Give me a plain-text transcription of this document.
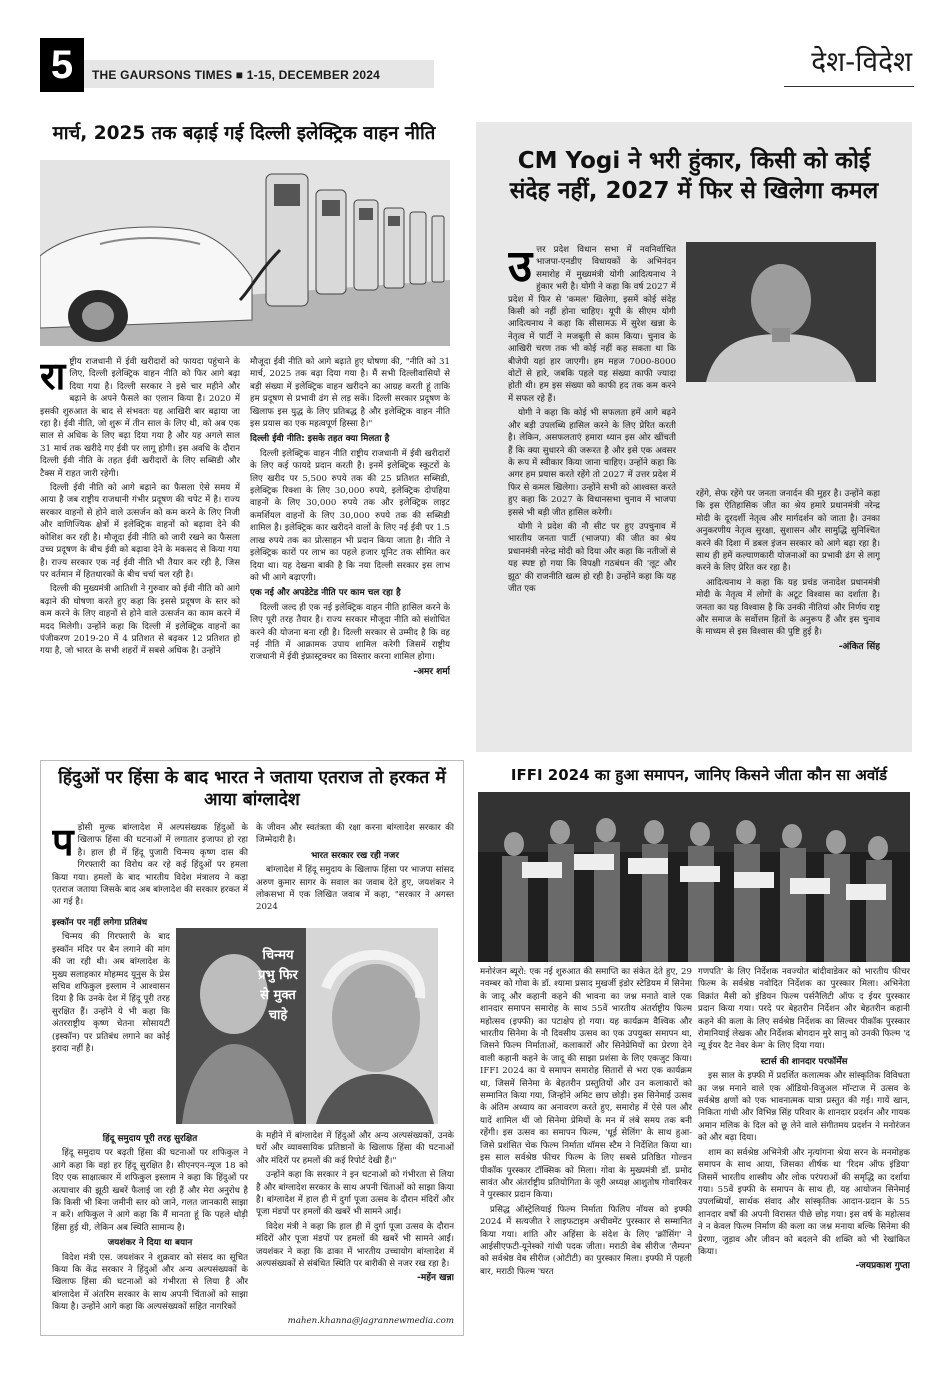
5	THE GAURSONS TIMES ■ 1-15, DECEMBER 2024	देश-विदेश
मार्च, 2025 तक बढ़ाई गई दिल्ली इलेक्ट्रिक वाहन नीति
रा ष्ट्रीय राजधानी में ईवी खरीदारों को फायदा पहुंचाने के लिए, दिल्ली इलेक्ट्रिक वाहन नीति को फिर आगे बढ़ा दिया गया है। दिल्ली सरकार ने इसे चार महीने और बढ़ाने के अपने फैसले का एलान किया है। 2020 में इसकी शुरुआत के बाद से संभवतः यह आखिरी बार बढ़ाया जा रहा है। ईवी नीति, जो शुरू में तीन साल के लिए थी, को अब एक साल से अधिक के लिए बढ़ा दिया गया है और यह अगले साल 31 मार्च तक खरीदे गए ईवी पर लागू होगी। इस अवधि के दौरान दिल्ली ईवी नीति के तहत ईवी खरीदारों के लिए सब्सिडी और टैक्स में राहत जारी रहेगी।

दिल्ली ईवी नीति को आगे बढ़ाने का फैसला ऐसे समय में आया है जब राष्ट्रीय राजधानी गंभीर प्रदूषण की चपेट में है। राज्य सरकार वाहनों से होने वाले उत्सर्जन को कम करने के लिए निजी और वाणिज्यिक क्षेत्रों में इलेक्ट्रिक वाहनों को बढ़ावा देने की कोशिश कर रही है। मौजूदा ईवी नीति को जारी रखने का फैसला उच्च प्रदूषण के बीच ईवी को बढ़ावा देने के मकसद से किया गया है। राज्य सरकार एक नई ईवी नीति भी तैयार कर रही है, जिस पर वर्तमान में हितधारकों के बीच चर्चा चल रही है।

दिल्ली की मुख्यमंत्री आतिशी ने गुरुवार को ईवी नीति को आगे बढ़ाने की घोषणा करते हुए कहा कि इससे प्रदूषण के स्तर को कम करने के लिए वाहनों से होने वाले उत्सर्जन का काम करने में मदद मिलेगी। उन्होंने कहा कि दिल्ली में इलेक्ट्रिक वाहनों का पंजीकरण 2019-20 में 4 प्रतिशत से बढ़कर 12 प्रतिशत हो गया है, जो भारत के सभी शहरों में सबसे अधिक है। उन्होंने

मौजूदा ईवी नीति को आगे बढ़ाते हुए घोषणा की, "नीति को 31 मार्च, 2025 तक बढ़ा दिया गया है। मैं सभी दिल्लीवासियों से बड़ी संख्या में इलेक्ट्रिक वाहन खरीदने का आग्रह करती हूं ताकि हम प्रदूषण से प्रभावी ढंग से लड़ सकें। दिल्ली सरकार प्रदूषण के खिलाफ इस युद्ध के लिए प्रतिबद्ध है और इलेक्ट्रिक वाहन नीति इस प्रयास का एक महत्वपूर्ण हिस्सा है।"

दिल्ली ईवी नीति: इसके तहत क्या मिलता है

दिल्ली इलेक्ट्रिक वाहन नीति राष्ट्रीय राजधानी में ईवी खरीदारों के लिए कई फायदे प्रदान करती है। इनमें इलेक्ट्रिक स्कूटरों के लिए खरीद पर 5,500 रुपये तक की 25 प्रतिशत सब्सिडी, इलेक्ट्रिक रिक्शा के लिए 30,000 रुपये, इलेक्ट्रिक दोपहिया वाहनों के लिए 30,000 रुपये तक और इलेक्ट्रिक लाइट कमर्शियल वाहनों के लिए 30,000 रुपये तक की सब्सिडी शामिल है। इलेक्ट्रिक कार खरीदने वालों के लिए नई ईवी पर 1.5 लाख रुपये तक का प्रोत्साहन भी प्रदान किया जाता है। नीति ने इलेक्ट्रिक कारों पर लाभ का पहले हजार यूनिट तक सीमित कर दिया था। यह देखना बाकी है कि नया दिल्ली सरकार इस लाभ को भी आगे बढ़ाएगी।

एक नई और अपडेटेड नीति पर काम चल रहा है

दिल्ली जल्द ही एक नई इलेक्ट्रिक वाहन नीति हासिल करने के लिए पूरी तरह तैयार है। राज्य सरकार मौजूदा नीति को संशोधित करने की योजना बना रही है। दिल्ली सरकार से उम्मीद है कि वह नई नीति में आक्रामक उपाय शामिल करेगी जिसमें राष्ट्रीय राजधानी में ईवी इंफ्रास्ट्रक्चर का विस्तार करना शामिल होगा।

-अमर शर्मा
CM Yogi ने भरी हुंकार, किसी को कोई संदेह नहीं, 2027 में फिर से खिलेगा कमल
उ त्तर प्रदेश विधान सभा में नवनिर्वाचित भाजपा-एनडीए विधायकों के अभिनंदन समारोह में मुख्यमंत्री योगी आदित्यनाथ ने हुंकार भरी है। योगी ने कहा कि वर्ष 2027 में प्रदेश में फिर से 'कमल' खिलेगा, इसमें कोई संदेह किसी को नहीं होना चाहिए। यूपी के सीएम योगी आदित्यनाथ ने कहा कि सीसामऊ में सुरेश खन्ना के नेतृत्व में पार्टी ने मजबूती से काम किया। चुनाव के आखिरी चरण तक भी कोई नहीं कह सकता था कि बीजेपी यहां हार जाएगी। हम महज 7000-8000 वोटों से हारे, जबकि पहले यह संख्या काफी ज्यादा होती थी। हम इस संख्या को काफी हद तक कम करने में सफल रहे हैं।

योगी ने कहा कि कोई भी सफलता हमें आगे बढ़ने और बड़ी उपलब्धि हासिल करने के लिए प्रेरित करती है। लेकिन, असफलताएं हमारा ध्यान इस ओर खींचती हैं कि क्या सुधारने की जरूरत है और इसे एक अवसर के रूप में स्वीकार किया जाना चाहिए। उन्होंने कहा कि अगर हम प्रयास करते रहेंगे तो 2027 में उत्तर प्रदेश में फिर से कमल खिलेगा। उन्होंने सभी को आश्वस्त करते हुए कहा कि 2027 के विधानसभा चुनाव में भाजपा इससे भी बड़ी जीत हासिल करेगी।

योगी ने प्रदेश की नौ सीट पर हुए उपचुनाव में भारतीय जनता पार्टी (भाजपा) की जीत का श्रेय प्रधानमंत्री नरेन्द्र मोदी को दिया और कहा कि नतीजों से यह स्पष्ट हो गया कि विपक्षी गठबंधन की 'लूट और झूठ' की राजनीति खत्म हो रही है। उन्होंने कहा कि यह जीत एक

रहेंगे, सेफ रहेंगे पर जनता जनार्दन की मुहर है। उन्होंने कहा कि इस ऐतिहासिक जीत का श्रेय हमारे प्रधानमंत्री नरेन्द्र मोदी के दूरदर्शी नेतृत्व और मार्गदर्शन को जाता है। उनका अनुकरणीय नेतृत्व सुरक्षा, सुशासन और सामुद्धि सुनिश्चित करने की दिशा में डबल इंजन सरकार को आगे बढ़ा रहा है। साथ ही हमें कल्याणकारी योजनाओं का प्रभावी ढंग से लागू करने के लिए प्रेरित कर रहा है।

आदित्यनाथ ने कहा कि यह प्रचंड जनादेश प्रधानमंत्री मोदी के नेतृत्व में लोगों के अटूट विश्वास का दर्शाता है। जनता का यह विश्वास है कि उनकी नीतियां और निर्णय राष्ट्र और समाज के सर्वोत्तम हितों के अनुरूप हैं और इस चुनाव के माध्यम से इस विश्वास की पुष्टि हुई है।

-अंकित सिंह
हिंदुओं पर हिंसा के बाद भारत ने जताया एतराज तो हरकत में आया बांग्लादेश
प ड़ोसी मुल्क बांग्लादेश में अल्पसंख्यक हिंदुओं के खिलाफ हिंसा की घटनाओं में लगातार इजाफा हो रहा है। हाल ही में हिंदू पुजारी चिन्मय कृष्ण दास की गिरफ्तारी का विरोध कर रहे कई हिंदुओं पर हमला किया गया। हमलों के बाद भारतीय विदेश मंत्रालय ने कड़ा एतराज जताया जिसके बाद अब बांग्लादेश की सरकार हरकत में आ गई है।

के जीवन और स्वतंत्रता की रक्षा करना बांग्लादेश सरकार की जिम्मेदारी है।

भारत सरकार रख रही नजर

बांग्लादेश में हिंदू समुदाय के खिलाफ हिंसा पर भाजपा सांसद अरुण कुमार सागर के सवाल का जवाब देते हुए, जयशंकर ने लोकसभा में एक लिखित जवाब में कहा, "सरकार ने अगस्त 2024

इस्कॉन पर नहीं लगेगा प्रतिबंध

चिन्मय की गिरफ्तारी के बाद इस्कॉन मंदिर पर बैन लगाने की मांग की जा रही थी। अब बांग्लादेश के मुख्य सलाहकार मोहम्मद यूनुस के प्रेस सचिव शफिकुल इस्लाम ने आश्वासन दिया है कि उनके देश में हिंदू पूरी तरह सुरक्षित हैं। उन्होंने ये भी कहा कि अंतरराष्ट्रीय कृष्ण चेतना सोसायटी (इस्कॉन) पर प्रतिबंध लगाने का कोई इरादा नहीं है।

चिन्मय प्रभु फिर से मुक्त चाहे
हिंदू समुदाय पूरी तरह सुरक्षित

हिंदू समुदाय पर बढ़ती हिंसा की घटनाओं पर शफिकुल ने आगे कहा कि वहां हर हिंदू सुरक्षित है। सीएनएन-न्यूज 18 को दिए एक साक्षात्कार में शफिकुल इस्लाम ने कहा कि हिंदुओं पर अत्याचार की झूठी खबरें फैलाई जा रही हैं और मेरा अनुरोध है कि किसी भी बिना जमीनी स्तर को जाने, गलत जानकारी साझा न करें। शफिकुल ने आगे कहा कि मैं मानता हूं कि पहले थोड़ी हिंसा हुई थी, लेकिन अब स्थिति सामान्य है।

जयशंकर ने दिया था बयान

विदेश मंत्री एस. जयशंकर ने शुक्रवार को संसद का सूचित किया कि केंद्र सरकार ने हिंदुओं और अन्य अल्पसंख्यकों के खिलाफ हिंसा की घटनाओं को गंभीरता से लिया है और बांग्लादेश में अंतरिम सरकार के साथ अपनी चिंताओं को साझा किया है। उन्होंने आगे कहा कि अल्पसंख्यकों सहित नागरिकों

के महीने में बांग्लादेश में हिंदुओं और अन्य अल्पसंख्यकों, उनके घरों और व्यावसायिक प्रतिष्ठानों के खिलाफ हिंसा की घटनाओं और मंदिरों पर हमलों की कई रिपोर्ट देखी हैं।"

उन्होंने कहा कि सरकार ने इन घटनाओं को गंभीरता से लिया है और बांग्लादेश सरकार के साथ अपनी चिंताओं को साझा किया है। बांग्लादेश में हाल ही में दुर्गा पूजा उत्सव के दौरान मंदिरों और पूजा मंडपों पर हमलों की खबरें भी सामने आईं।

विदेश मंत्री ने कहा कि हाल ही में दुर्गा पूजा उत्सव के दौरान मंदिरों और पूजा मंडपों पर हमलों की खबरें भी सामने आईं। जयशंकर ने कहा कि ढाका में भारतीय उच्चायोग बांग्लादेश में अल्पसंख्यकों से संबंधित स्थिति पर बारीकी से नजर रख रहा है।

-महेंन खन्ना
mahen.khanna@jagrannewmedia.com
IFFI 2024 का हुआ समापन, जानिए किसने जीता कौन सा अवॉर्ड

मनोरंजन ब्यूरो: एक नई शुरुआत की समाप्ति का संकेत देते हुए, 29 नवम्बर को गोवा के डॉ. श्यामा प्रसाद मुखर्जी इंडोर स्टेडियम में सिनेमा के जादू और कहानी कहने की भावना का जश्न मनाते वाले एक शानदार समापन समारोह के साथ 55वें भारतीय अंतर्राष्ट्रीय फिल्म महोत्सव (इफ्फी) का पटाक्षेप हो गया। यह कार्यक्रम वैश्विक और भारतीय सिनेमा के नौ दिवसीय उत्सव का एक उपयुक्त समापन था, जिसने फिल्म निर्माताओं, कलाकारों और सिनेप्रेमियों का प्रेरणा देने वाली कहानी कहने के जादू की साझा प्रशंसा के लिए एकजुट किया। IFFI 2024 का ये समापन समारोह सितारों से भरा एक कार्यक्रम था, जिसमें सिनेमा के बेहतरीन प्रस्तुतियों और उन कलाकारों को सम्मानित किया गया, जिन्होंने अमिट छाप छोड़ी। इस सिनेमाई उत्सव के अंतिम अध्याय का अनावरण करते हुए, समारोह में ऐसे पल और यादें शामिल थीं जो सिनेमा प्रेमियों के मन में लंबे समय तक बनी रहेंगी। इस उत्सव का समापन फिल्म, 'धूई सेलिंग' के साथ हुआ- जिसे प्रशंसित चेक फिल्म निर्माता थॉमस स्टैम ने निर्देशित किया था। इस साल सर्वश्रेष्ठ फीचर फिल्म के लिए सबसे प्रतिष्ठित गोल्डन पीकॉक पुरस्कार टॉक्सिक को मिला। गोवा के मुख्यमंत्री डॉ. प्रमोद सावंत और अंतर्राष्ट्रीय प्रतियोगिता के जूरी अध्यक्ष आशुतोष गोवारिकर ने पुरस्कार प्रदान किया।

प्रसिद्ध ऑस्ट्रेलियाई फिल्म निर्माता फिलिप नॉयस को इफ्फी 2024 में सत्यजीत रे लाइफटाइम अचीवमेंट पुरस्कार से सम्मानित किया गया। शांति और अहिंसा के संदेश के लिए 'क्रॉसिंग' ने आईसीएफटी-यूनेस्को गांधी पदक जीता। मराठी वेब सीरीज 'लैम्पन' को सर्वश्रेष्ठ वेब सीरीज (ओटीटी) का पुरस्कार मिला। इफ्फी में पहली बार, मराठी फिल्म 'घरत

गणपति' के लिए निर्देशक नवज्योत बांदीवाडेकर को भारतीय फीचर फिल्म के सर्वश्रेष्ठ नवोदित निर्देशक का पुरस्कार मिला। अभिनेता विक्रांत मैसी को इंडियन फिल्म पर्सनैलिटी ऑफ द ईयर पुरस्कार प्रदान किया गया। परदे पर बेहतरीन निर्देशन और बेहतरीन कहानी कहने की कला के लिए सर्वश्रेष्ठ निर्देशक का सिल्वर पीकॉक पुरस्कार रोमानियाई लेखक और निर्देशक बोगदान मुरे सानु को उनकी फिल्म 'द न्यू ईयर दैट नेवर केम' के लिए दिया गया।

स्टार्स की शानदार परफॉर्मेंस

इस साल के इफ्फी में प्रदर्शित कलात्मक और सांस्कृतिक विविधता का जश्न मनाने वाले एक ऑडियो-विजुअल मॉन्टाज में उत्सव के सर्वश्रेष्ठ क्षणों को एक भावनात्मक यात्रा प्रस्तुत की गई। गायें खान, निकिता गांधी और विभिन्न सिंह परिवार के शानदार प्रदर्शन और गायक अमान मलिक के दिल को छू लेने वाले संगीतमय प्रदर्शन ने मनोरंजन को और बढ़ा दिया।

शाम का सर्वश्रेष्ठ अभिनेत्री और नृत्यांगना श्रेया सरन के मनमोहक समापन के साथ आया, जिसका शीर्षक था 'रिदम ऑफ इंडिया' जिसमें भारतीय शास्त्रीय और लोक परंपराओं की समृद्धि का दर्शाया गया। 55वें इफ्फी के समापन के साथ ही, यह आयोजन सिनेमाई उपलब्धियों, सार्थक संवाद और सांस्कृतिक आदान-प्रदान के 55 शानदार वर्षों की अपनी विरासत पीछे छोड़ गया। इस वर्ष के महोत्सव ने न केवल फिल्म निर्माण की कला का जश्न मनाया बल्कि सिनेमा की प्रेरणा, जुड़ाव और जीवन को बदलने की शक्ति को भी रेखांकित किया।

-जयप्रकाश गुप्ता
